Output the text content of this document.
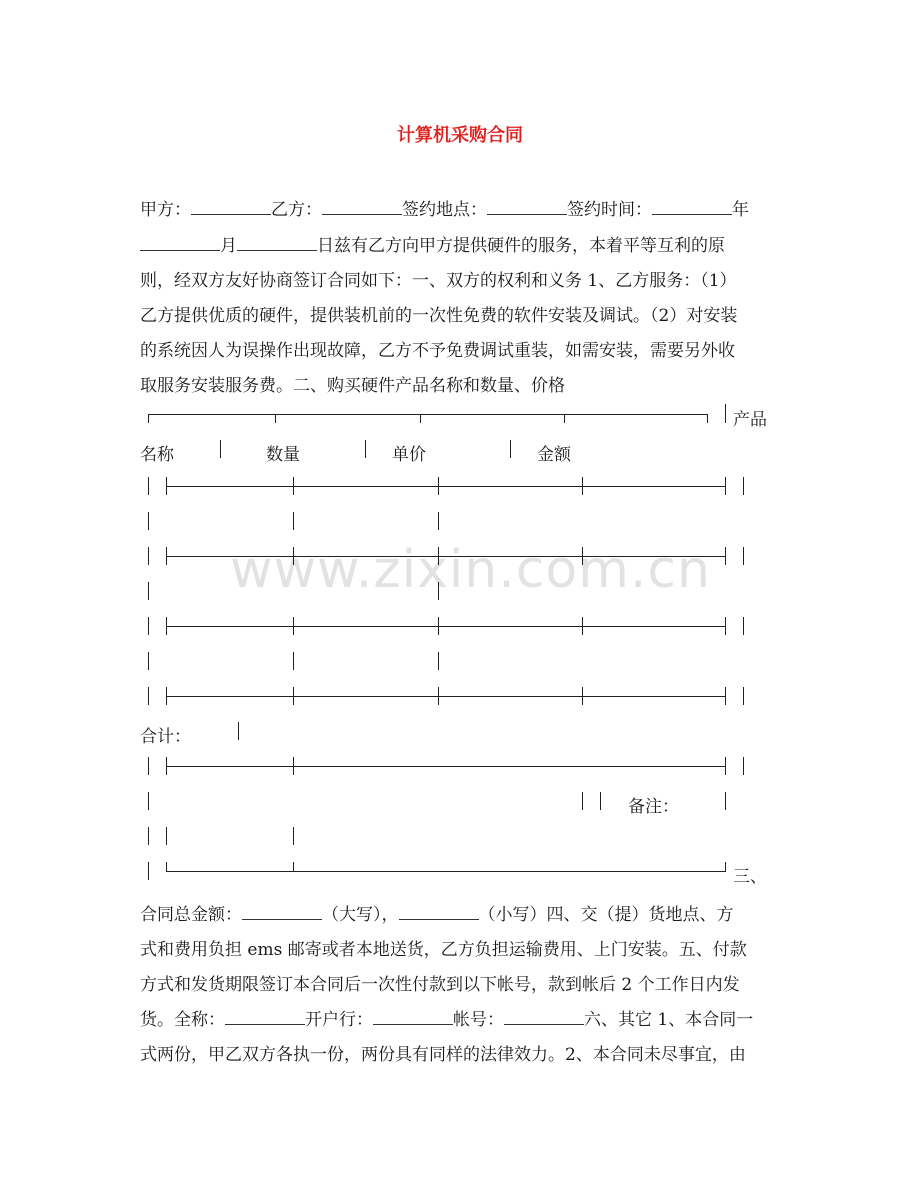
www.zixin.com.cn
计算机采购合同
甲方：	乙方：	签约地点：	签约时间：	年
月	日兹有乙方向甲方提供硬件的服务，本着平等互利的原
则，经双方友好协商签订合同如下：一、双方的权利和义务 1、乙方服务：（1）
乙方提供优质的硬件，提供装机前的一次性免费的软件安装及调试。（2）对安装
的系统因人为误操作出现故障，乙方不予免费调试重装，如需安装，需要另外收
取服务安装服务费。二、购买硬件产品名称和数量、价格
产品
名称	数量	单价	金额
合计：
备注：
三、
合同总金额：	（大写），	（小写）四、交（提）货地点、方
式和费用负担 ems 邮寄或者本地送货，乙方负担运输费用、上门安装。五、付款
方式和发货期限签订本合同后一次性付款到以下帐号，款到帐后 2 个工作日内发
货。全称：	开户行：	帐号：	六、其它 1、本合同一
式两份，甲乙双方各执一份，两份具有同样的法律效力。2、本合同未尽事宜，由
